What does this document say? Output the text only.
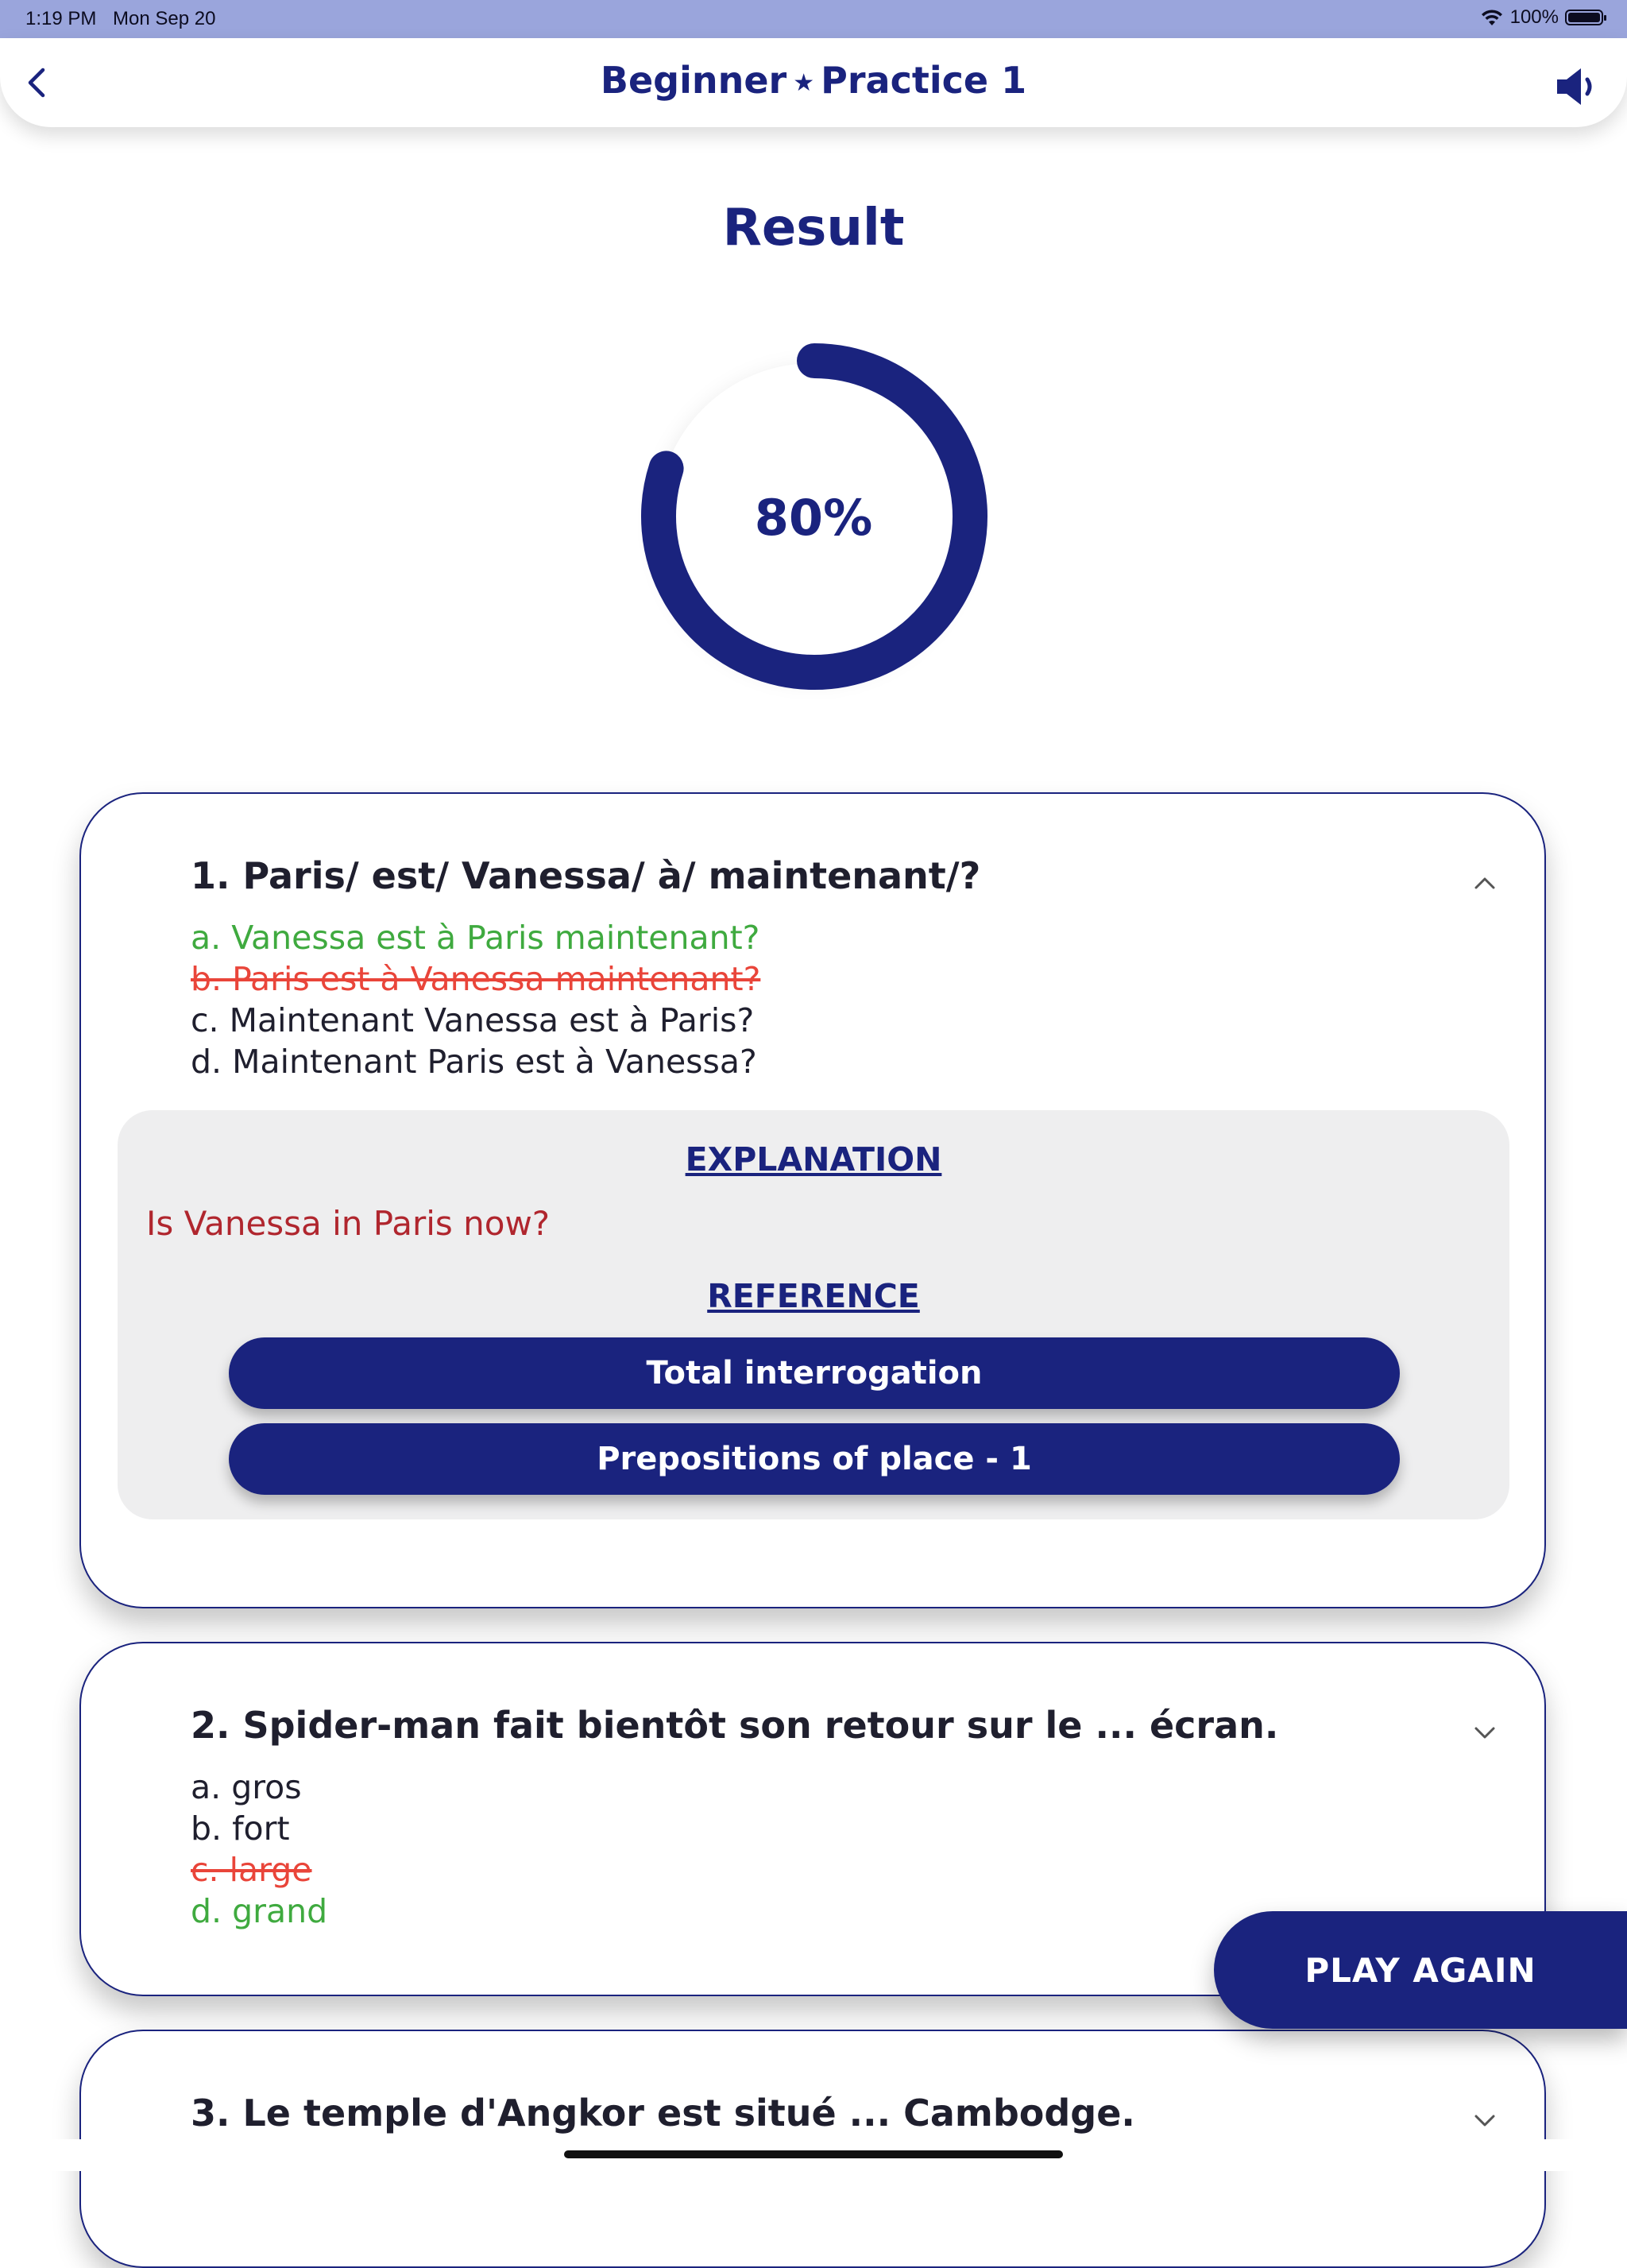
1:19 PM Mon Sep 20	100%
Beginner ★ Practice 1
Result
80%
1. Paris/ est/ Vanessa/ à/ maintenant/?
a. Vanessa est à Paris maintenant?
b. Paris est à Vanessa maintenant?
c. Maintenant Vanessa est à Paris?
d. Maintenant Paris est à Vanessa?
EXPLANATION
Is Vanessa in Paris now?
REFERENCE
Total interrogation
Prepositions of place - 1
2. Spider-man fait bientôt son retour sur le ... écran.
a. gros
b. fort
c. large
d. grand
3. Le temple d'Angkor est situé ... Cambodge.
PLAY AGAIN
